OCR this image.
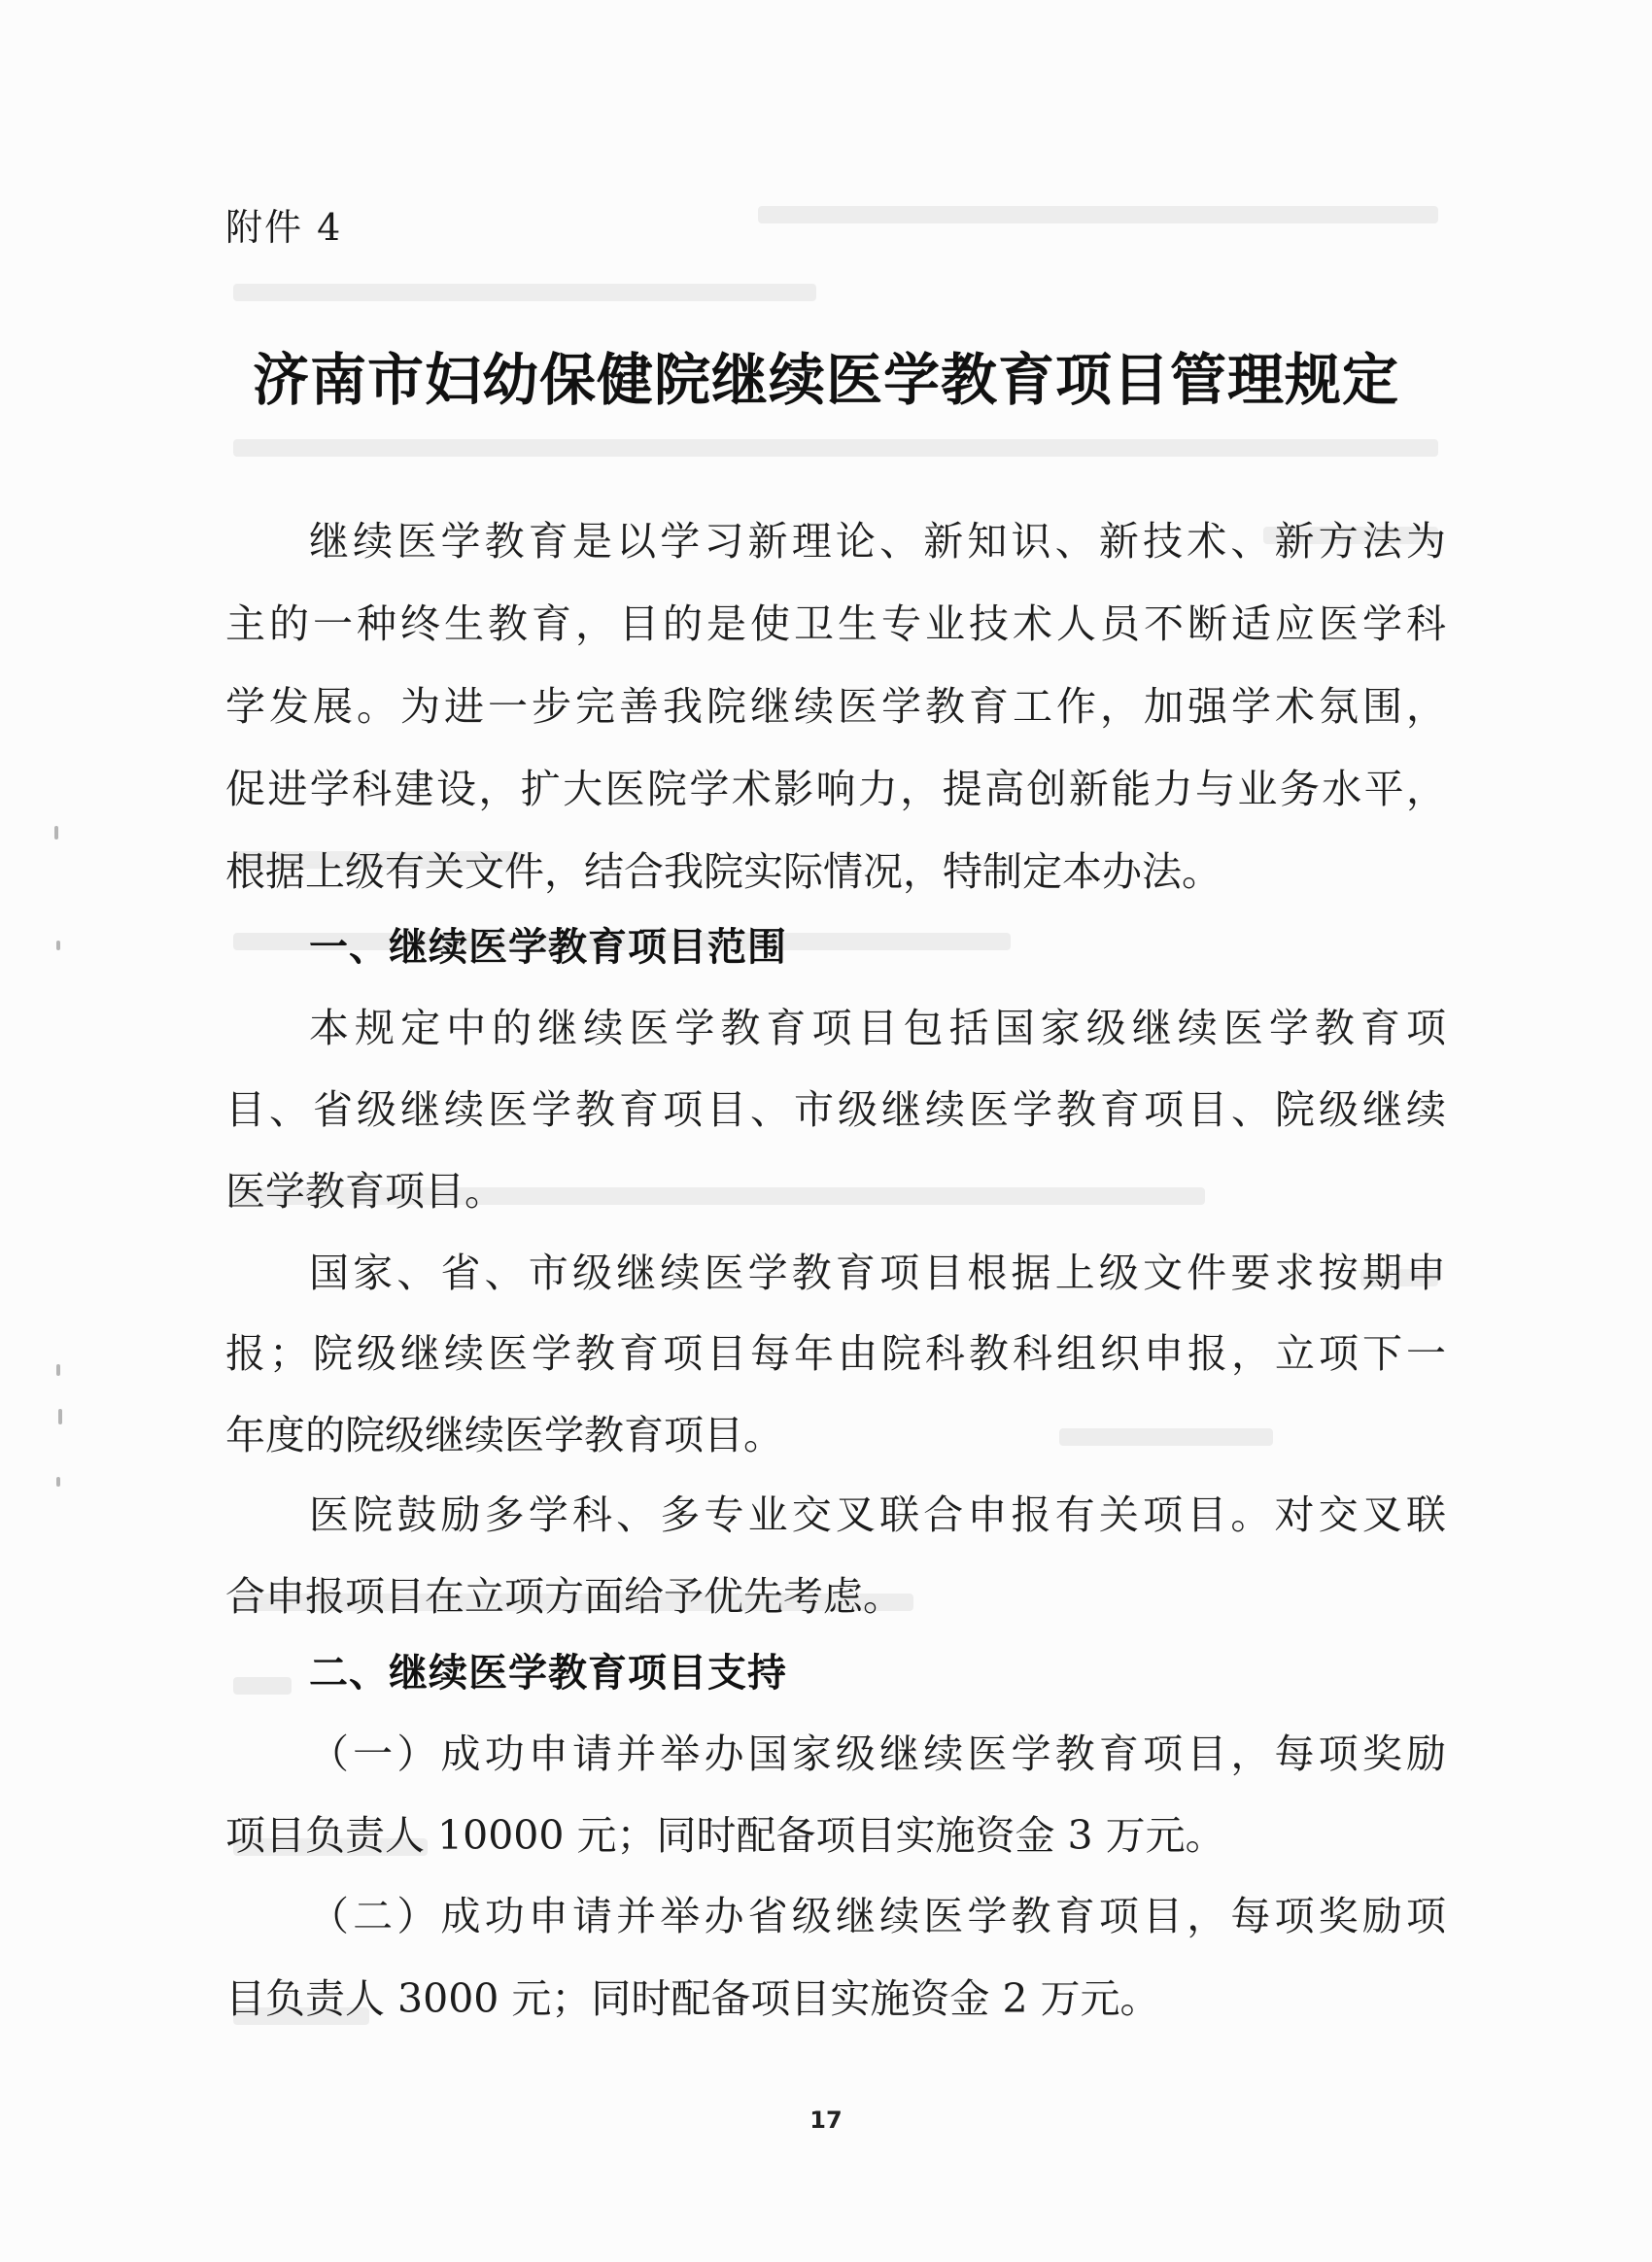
附件 4
济南市妇幼保健院继续医学教育项目管理规定
继续医学教育是以学习新理论、新知识、新技术、新方法为
主的一种终生教育，目的是使卫生专业技术人员不断适应医学科
学发展。为进一步完善我院继续医学教育工作，加强学术氛围，
促进学科建设，扩大医院学术影响力，提高创新能力与业务水平，
根据上级有关文件，结合我院实际情况，特制定本办法。
一、继续医学教育项目范围
本规定中的继续医学教育项目包括国家级继续医学教育项
目、省级继续医学教育项目、市级继续医学教育项目、院级继续
医学教育项目。
国家、省、市级继续医学教育项目根据上级文件要求按期申
报；院级继续医学教育项目每年由院科教科组织申报，立项下一
年度的院级继续医学教育项目。
医院鼓励多学科、多专业交叉联合申报有关项目。对交叉联
合申报项目在立项方面给予优先考虑。
二、继续医学教育项目支持
（一）成功申请并举办国家级继续医学教育项目，每项奖励
项目负责人 10000 元；同时配备项目实施资金 3 万元。
（二）成功申请并举办省级继续医学教育项目，每项奖励项
目负责人 3000 元；同时配备项目实施资金 2 万元。
17
